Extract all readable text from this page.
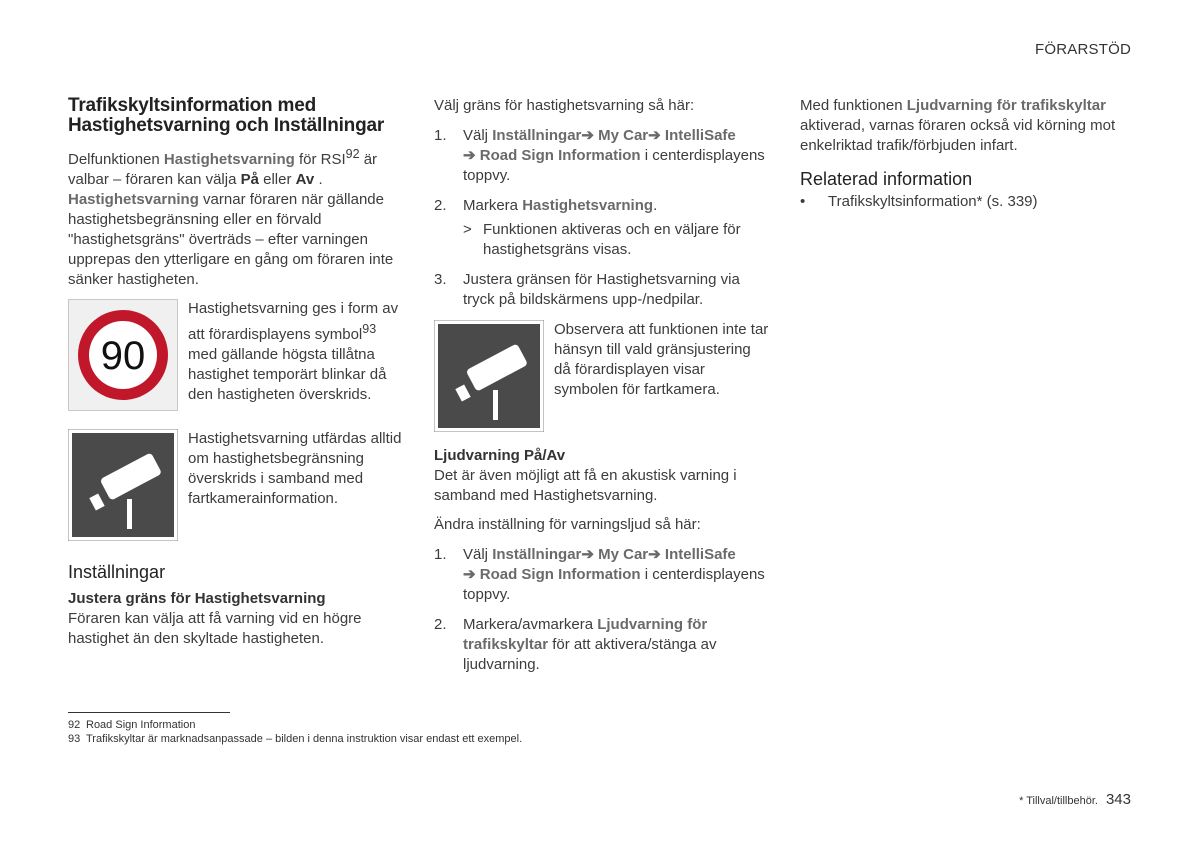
FÖRARSTÖD
Trafikskyltsinformation med Hastighetsvarning och Inställningar

Delfunktionen Hastighetsvarning för RSI$^{92}$ är valbar – föraren kan välja På eller Av . Hastighetsvarning varnar föraren när gällande hastighetsbegränsning eller en förvald "hastighetsgräns" överträds – efter varningen upprepas den ytterligare en gång om föraren inte sänker hastigheten.

90

Hastighetsvarning ges i form av att förardisplayens symbol$^{93}$ med gällande högsta tillåtna hastighet temporärt blinkar då den hastigheten överskrids.

Hastighetsvarning utfärdas alltid om hastighetsbegränsning överskrids i samband med fartkamerainformation.

Inställningar
Justera gräns för Hastighetsvarning

Föraren kan välja att få varning vid en högre hastighet än den skyltade hastigheten.

Välj gräns för hastighetsvarning så här:

1.	Välj Inställningar➔ My Car➔ IntelliSafe
➔ Road Sign Information i centerdisplayens toppvy.
2.	Markera Hastighetsvarning.
> Funktionen aktiveras och en väljare för hastighetsgräns visas.
3.	Justera gränsen för Hastighetsvarning via tryck på bildskärmens upp-/nedpilar.

Observera att funktionen inte tar hänsyn till vald gränsjustering då förardisplayen visar symbolen för fartkamera.

Ljudvarning På/Av

Det är även möjligt att få en akustisk varning i samband med Hastighetsvarning.

Ändra inställning för varningsljud så här:

1.	Välj Inställningar➔ My Car➔ IntelliSafe
➔ Road Sign Information i centerdisplayens toppvy.
2.	Markera/avmarkera Ljudvarning för trafikskyltar för att aktivera/stänga av ljudvarning.

Med funktionen Ljudvarning för trafikskyltar aktiverad, varnas föraren också vid körning mot enkelriktad trafik/förbjuden infart.

Relaterad information
•	Trafikskyltsinformation* (s. 339)
92 Road Sign Information
93 Trafikskyltar är marknadsanpassade – bilden i denna instruktion visar endast ett exempel.
* Tillval/tillbehör. 343
